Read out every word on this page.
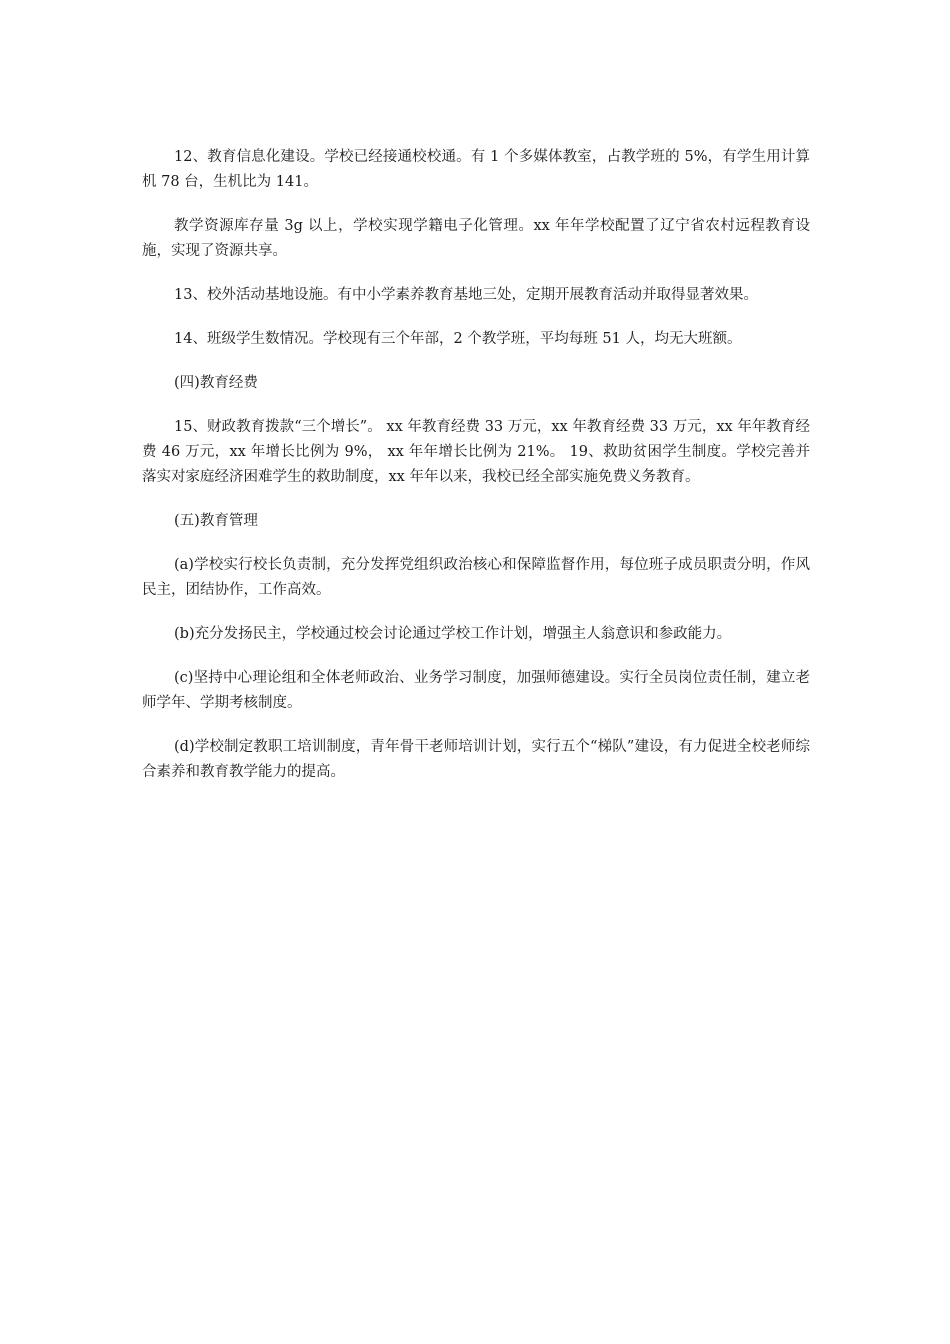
12、教育信息化建设。学校已经接通校校通。有 1 个多媒体教室，占教学班的 5%，有学生用计算机 78 台，生机比为 141。

教学资源库存量 3g 以上，学校实现学籍电子化管理。xx 年年学校配置了辽宁省农村远程教育设施，实现了资源共享。

13、校外活动基地设施。有中小学素养教育基地三处，定期开展教育活动并取得显著效果。

14、班级学生数情况。学校现有三个年部，2 个教学班，平均每班 51 人，均无大班额。

(四)教育经费

15、财政教育拨款“三个增长”。 xx 年教育经费 33 万元，xx 年教育经费 33 万元，xx 年年教育经费 46 万元，xx 年增长比例为 9%， xx 年年增长比例为 21%。 19、救助贫困学生制度。学校完善并落实对家庭经济困难学生的救助制度，xx 年年以来，我校已经全部实施免费义务教育。

(五)教育管理

(a)学校实行校长负责制，充分发挥党组织政治核心和保障监督作用，每位班子成员职责分明，作风民主，团结协作，工作高效。

(b)充分发扬民主，学校通过校会讨论通过学校工作计划，增强主人翁意识和参政能力。

(c)坚持中心理论组和全体老师政治、业务学习制度，加强师德建设。实行全员岗位责任制，建立老师学年、学期考核制度。

(d)学校制定教职工培训制度，青年骨干老师培训计划，实行五个“梯队”建设，有力促进全校老师综合素养和教育教学能力的提高。
